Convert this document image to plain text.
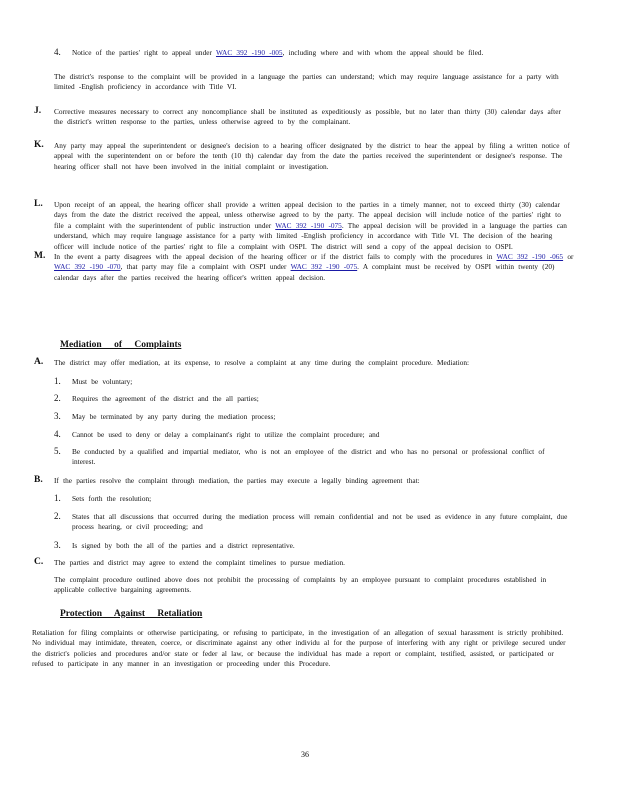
4. Notice of the parties' right to appeal under WAC 392 -190 -005, including where and with whom the appeal should be filed.
The district's response to the complaint will be provided in a language the parties can understand; which may require language assistance for a party with limited -English proficiency in accordance with Title VI.
J. Corrective measures necessary to correct any noncompliance shall be instituted as expeditiously as possible, but no later than thirty (30) calendar days after the district's written response to the parties, unless otherwise agreed to by the complainant.
K. Any party may appeal the superintendent or designee's decision to a hearing officer designated by the district to hear the appeal by filing a written notice of appeal with the superintendent on or before the tenth (10 th) calendar day from the date the parties received the superintendent or designee's response. The hearing officer shall not have been involved in the initial complaint or investigation.
L. Upon receipt of an appeal, the hearing officer shall provide a written appeal decision to the parties in a timely manner, not to exceed thirty (30) calendar days from the date the district received the appeal, unless otherwise agreed to by the party. The appeal decision will include notice of the parties' right to file a complaint with the superintendent of public instruction under WAC 392 -190 -075. The appeal decision will be provided in a language the parties can understand, which may require language assistance for a party with limited -English proficiency in accordance with Title VI. The decision of the hearing officer will include notice of the parties' right to file a complaint with OSPI. The district will send a copy of the appeal decision to OSPI.
M. In the event a party disagrees with the appeal decision of the hearing officer or if the district fails to comply with the procedures in WAC 392 -190 -065 or WAC 392 -190 -070, that party may file a complaint with OSPI under WAC 392 -190 -075. A complaint must be received by OSPI within twenty (20) calendar days after the parties received the hearing officer's written appeal decision.
Mediation of Complaints
A. The district may offer mediation, at its expense, to resolve a complaint at any time during the complaint procedure. Mediation:
1. Must be voluntary;
2. Requires the agreement of the district and the all parties;
3. May be terminated by any party during the mediation process;
4. Cannot be used to deny or delay a complainant's right to utilize the complaint procedure; and
5. Be conducted by a qualified and impartial mediator, who is not an employee of the district and who has no personal or professional conflict of interest.
B. If the parties resolve the complaint through mediation, the parties may execute a legally binding agreement that:
1. Sets forth the resolution;
2. States that all discussions that occurred during the mediation process will remain confidential and not be used as evidence in any future complaint, due process hearing, or civil proceeding; and
3. Is signed by both the all of the parties and a district representative.
C. The parties and district may agree to extend the complaint timelines to pursue mediation.
The complaint procedure outlined above does not prohibit the processing of complaints by an employee pursuant to complaint procedures established in applicable collective bargaining agreements.
Protection Against Retaliation
Retaliation for filing complaints or otherwise participating, or refusing to participate, in the investigation of an allegation of sexual harassment is strictly prohibited. No individual may intimidate, threaten, coerce, or discriminate against any other individu al for the purpose of interfering with any right or privilege secured under the district's policies and procedures and/or state or feder al law, or because the individual has made a report or complaint, testified, assisted, or participated or refused to participate in any manner in an investigation or proceeding under this Procedure.
36
